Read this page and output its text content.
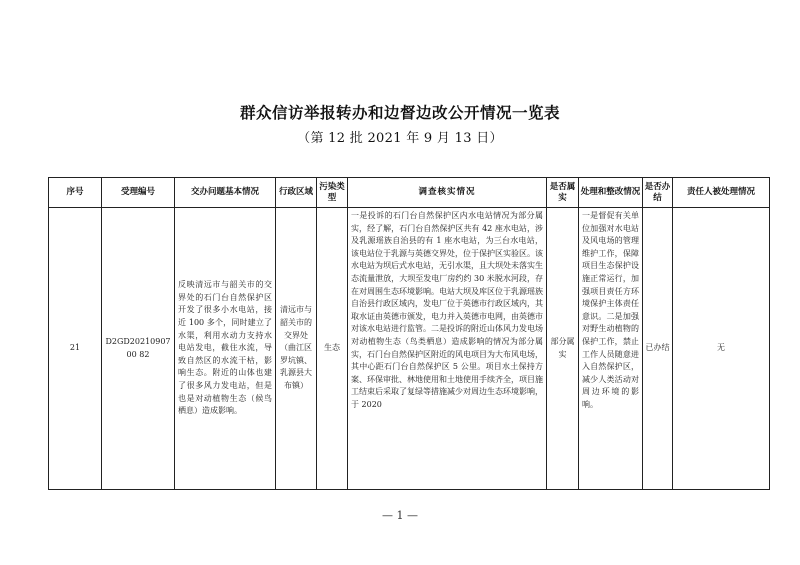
群众信访举报转办和边督边改公开情况一览表
（第 12 批 2021 年 9 月 13 日）
序号	受理编号	交办问题基本情况	行政区域	污染类型	调查核实情况	是否属实	处理和整改情况	是否办结	责任人被处理情况
21	D2GD2021090700 82	反映清远市与韶关市的交界处的石门台自然保护区开发了很多小水电站，接近 100 多个，同时建立了水渠，利用水动力支持水电站发电，截住水流，导致自然区的水流干枯，影响生态。附近的山体也建了很多风力发电站，但是也是对动植物生态（候鸟栖息）造成影响。	清远市与韶关市的交界处（曲江区罗坑镇、乳源县大布镇）	生态	一是投诉的石门台自然保护区内水电站情况为部分属实，经了解，石门台自然保护区共有 42 座水电站，涉及乳源瑶族自治县的有 1 座水电站，为三台水电站，该电站位于乳源与英德交界处，位于保护区实验区。该水电站为坝后式水电站，无引水渠，且大坝处未落实生态流量泄放，大坝至发电厂房约约 30 米脱水河段，存在对周围生态环境影响。电站大坝及库区位于乳源瑶族自治县行政区域内，发电厂位于英德市行政区域内，其取水证由英德市颁发，电力并入英德市电网，由英德市对该水电站进行监管。二是投诉的附近山体风力发电场对动植物生态（鸟类栖息）造成影响的情况为部分属实，石门台自然保护区附近的风电项目为大布风电场，其中心距石门台自然保护区 5 公里。项目水土保持方案、环保审批、林地使用和土地使用手续齐全，项目施工结束后采取了复绿等措施减少对周边生态环境影响，于 2020	部分属实	一是督促有关单位加强对水电站及风电场的管理维护工作，保障项目生态保护设施正常运行，加强项目责任方环境保护主体责任意识。二是加强对野生动植物的保护工作，禁止工作人员随意进入自然保护区，减少人类活动对周边环境的影响。	已办结	无
— 1 —
